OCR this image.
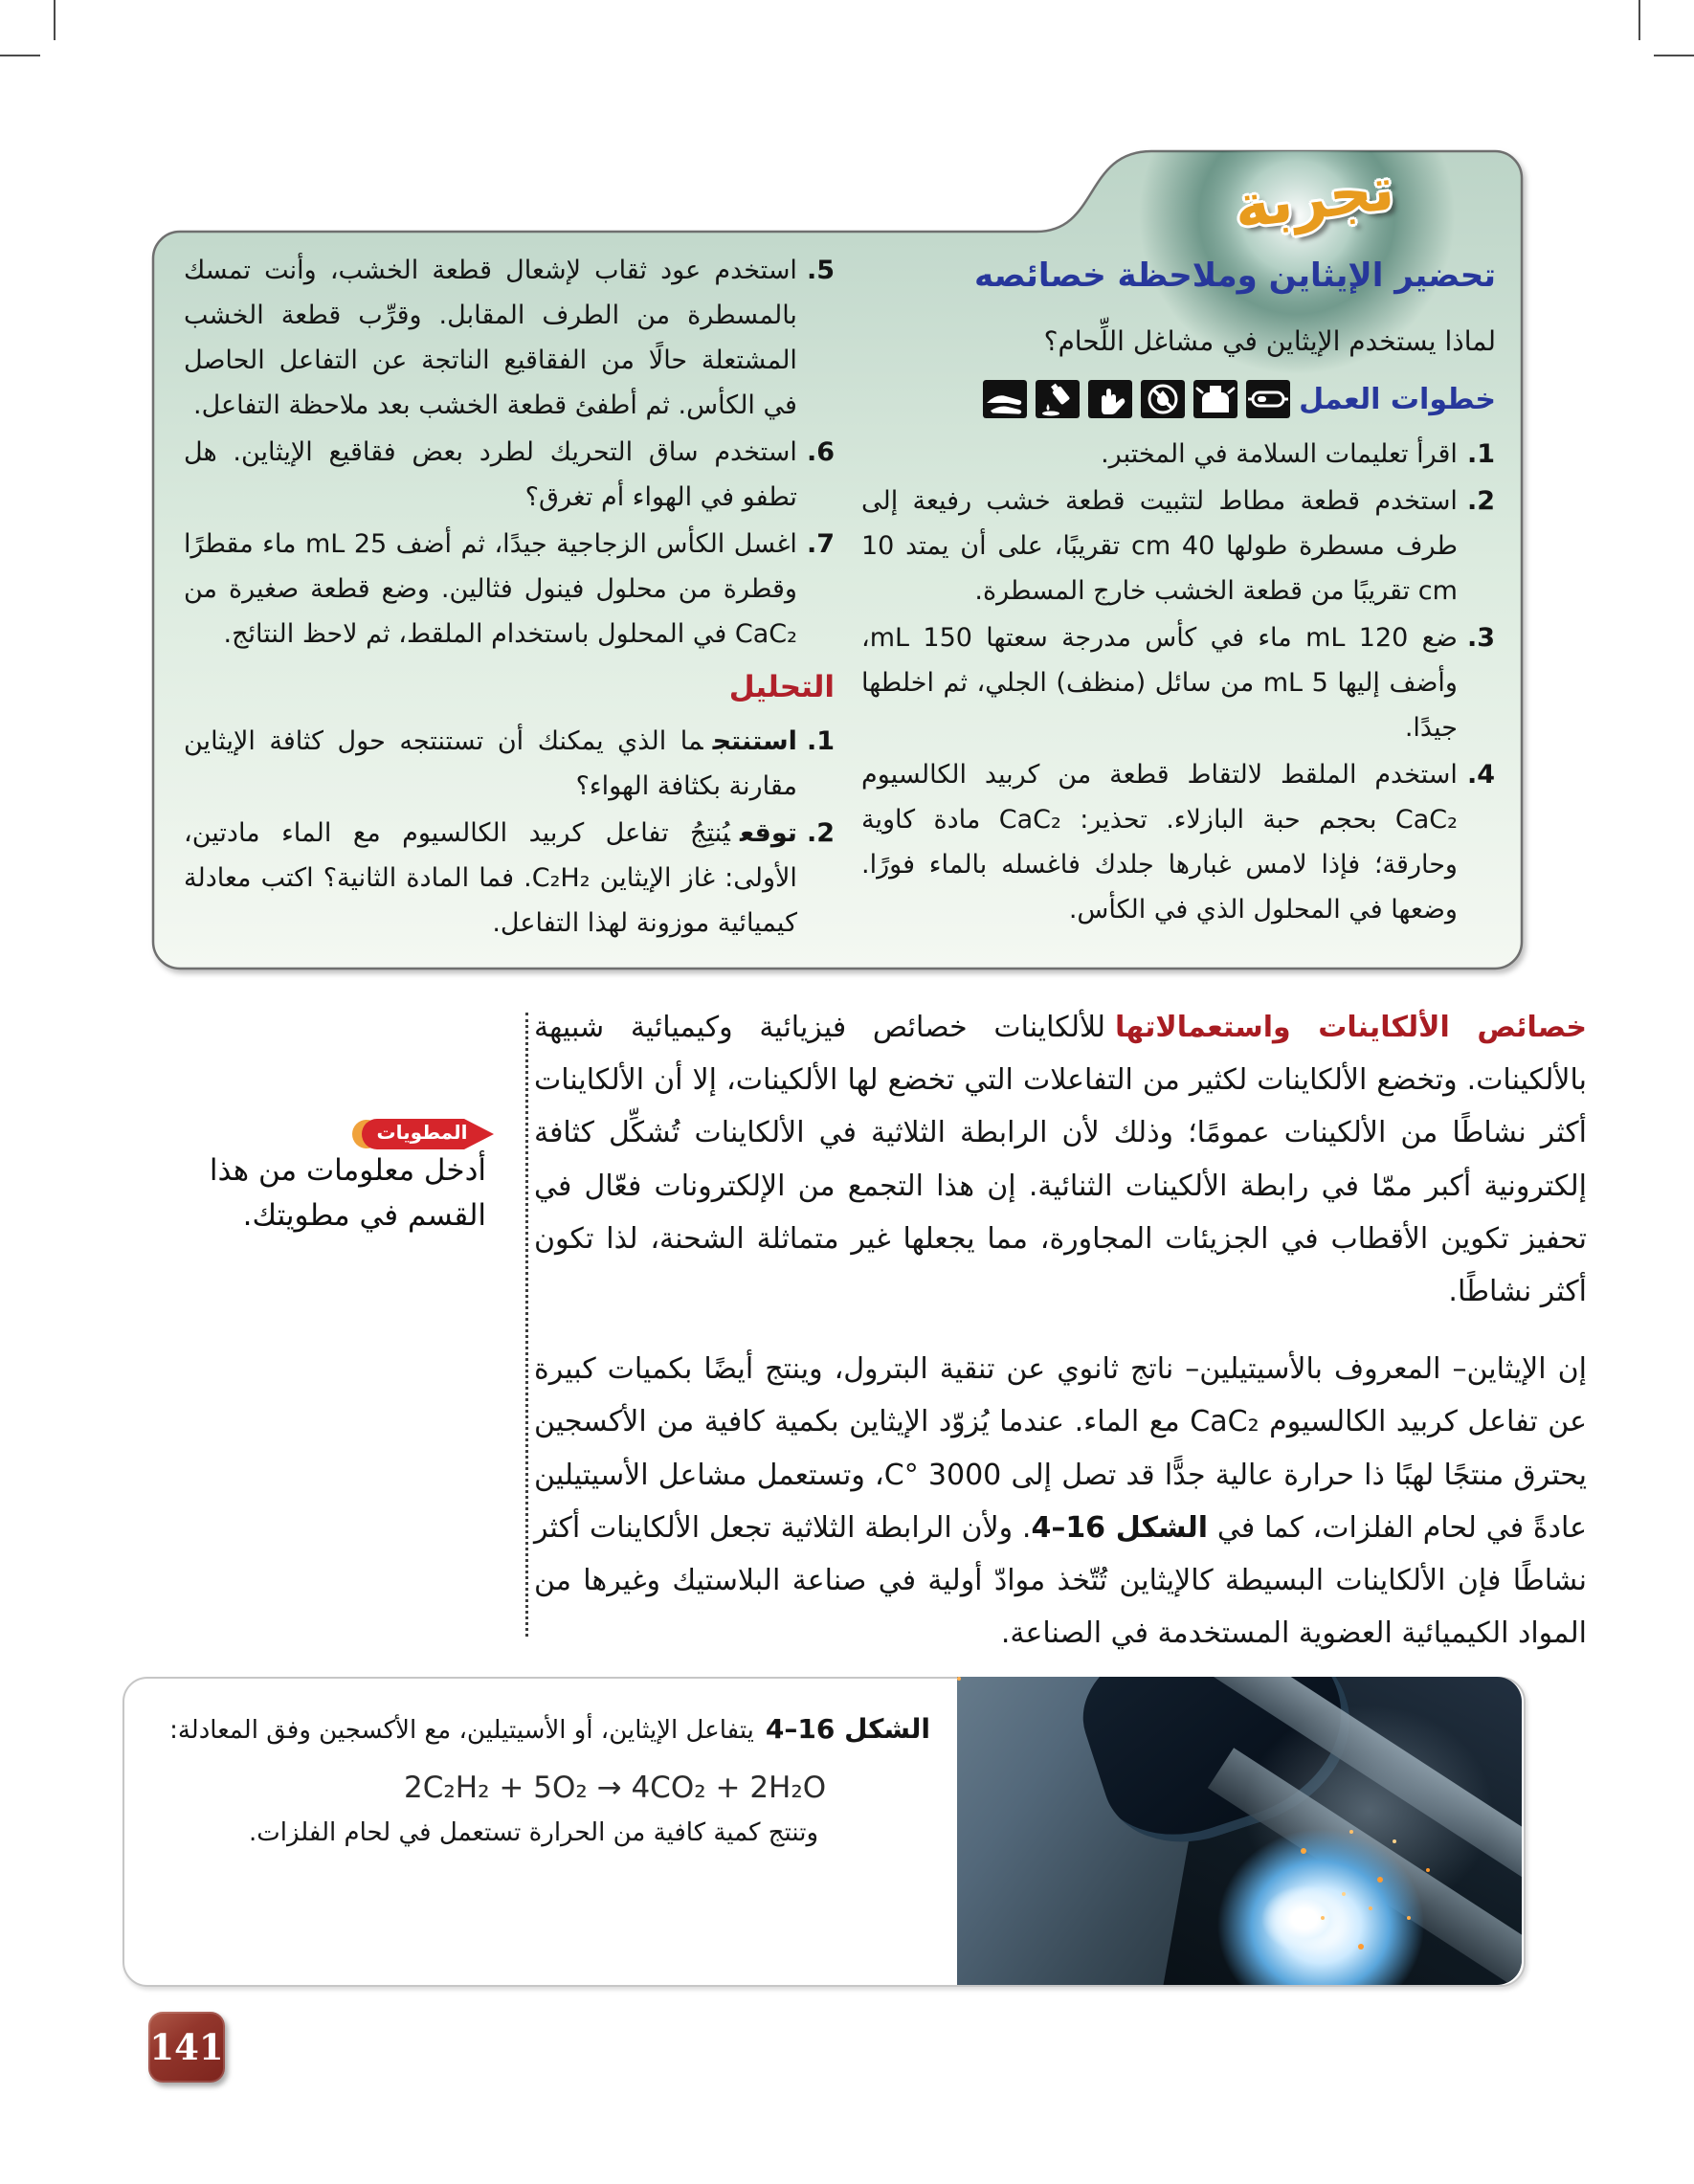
تجربة
تحضير الإيثاين وملاحظة خصائصه
لماذا يستخدم الإيثاين في مشاغل اللِّحام؟
خطوات العمل
1.
اقرأ تعليمات السلامة في المختبر.
2.
استخدم قطعة مطاط لتثبيت قطعة خشب رفيعة إلى طرف مسطرة طولها 40 cm تقريبًا، على أن يمتد 10 cm تقريبًا من قطعة الخشب خارج المسطرة.
3.
ضع 120 mL ماء في كأس مدرجة سعتها 150 mL، وأضف إليها 5 mL من سائل (منظف) الجلي، ثم اخلطها جيدًا.
4.
استخدم الملقط لالتقاط قطعة من كربيد الكالسيوم CaC₂ بحجم حبة البازلاء. تحذير: CaC₂ مادة كاوية وحارقة؛ فإذا لامس غبارها جلدك فاغسله بالماء فورًا. وضعها في المحلول الذي في الكأس.
5.
استخدم عود ثقاب لإشعال قطعة الخشب، وأنت تمسك بالمسطرة من الطرف المقابل. وقرِّب قطعة الخشب المشتعلة حالًا من الفقاقيع الناتجة عن التفاعل الحاصل في الكأس. ثم أطفئ قطعة الخشب بعد ملاحظة التفاعل.
6.
استخدم ساق التحريك لطرد بعض فقاقيع الإيثاين. هل تطفو في الهواء أم تغرق؟
7.
اغسل الكأس الزجاجية جيدًا، ثم أضف 25 mL ماء مقطرًا وقطرة من محلول فينول فثالين. وضع قطعة صغيرة من CaC₂ في المحلول باستخدام الملقط، ثم لاحظ النتائج.
التحليل
1.
استنتجما الذي يمكنك أن تستنتجه حول كثافة الإيثاين مقارنة بكثافة الهواء؟
2.
توقعيُنتِجُ تفاعل كربيد الكالسيوم مع الماء مادتين، الأولى: غاز الإيثاين C₂H₂. فما المادة الثانية؟ اكتب معادلة كيميائية موزونة لهذا التفاعل.

خصائص الألكاينات واستعمالاتهاللألكاينات خصائص فيزيائية وكيميائية شبيهة بالألكينات. وتخضع الألكاينات لكثير من التفاعلات التي تخضع لها الألكينات، إلا أن الألكاينات أكثر نشاطًا من الألكينات عمومًا؛ وذلك لأن الرابطة الثلاثية في الألكاينات تُشكِّل كثافة إلكترونية أكبر ممّا في رابطة الألكينات الثنائية. إن هذا التجمع من الإلكترونات فعّال في تحفيز تكوين الأقطاب في الجزيئات المجاورة، مما يجعلها غير متماثلة الشحنة، لذا تكون أكثر نشاطًا.

إن الإيثاين– المعروف بالأسيتيلين– ناتج ثانوي عن تنقية البترول، وينتج أيضًا بكميات كبيرة عن تفاعل كربيد الكالسيوم CaC₂ مع الماء. عندما يُزوّد الإيثاين بكمية كافية من الأكسجين يحترق منتجًا لهبًا ذا حرارة عالية جدًّا قد تصل إلى 3000 °C، وتستعمل مشاعل الأسيتيلين عادةً في لحام الفلزات، كما في الشكل 16–4. ولأن الرابطة الثلاثية تجعل الألكاينات أكثر نشاطًا فإن الألكاينات البسيطة كالإيثاين تُتّخذ موادّ أولية في صناعة البلاستيك وغيرها من المواد الكيميائية العضوية المستخدمة في الصناعة.

المطويات
أدخل معلومات من هذا القسم في مطويتك.
الشكل 16–4يتفاعل الإيثاين، أو الأسيتيلين، مع الأكسجين وفق المعادلة:
2C₂H₂ + 5O₂ → 4CO₂ + 2H₂O
وتنتج كمية كافية من الحرارة تستعمل في لحام الفلزات.
141
